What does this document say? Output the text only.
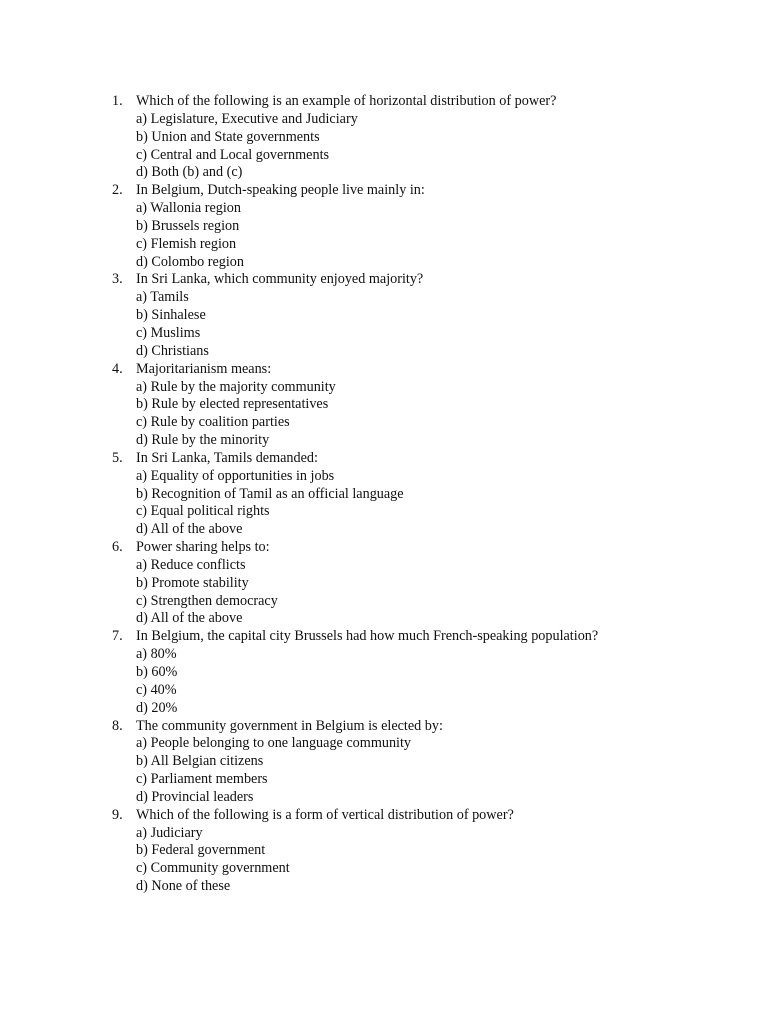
1. Which of the following is an example of horizontal distribution of power?
a) Legislature, Executive and Judiciary
b) Union and State governments
c) Central and Local governments
d) Both (b) and (c)
2. In Belgium, Dutch-speaking people live mainly in:
a) Wallonia region
b) Brussels region
c) Flemish region
d) Colombo region
3. In Sri Lanka, which community enjoyed majority?
a) Tamils
b) Sinhalese
c) Muslims
d) Christians
4. Majoritarianism means:
a) Rule by the majority community
b) Rule by elected representatives
c) Rule by coalition parties
d) Rule by the minority
5. In Sri Lanka, Tamils demanded:
a) Equality of opportunities in jobs
b) Recognition of Tamil as an official language
c) Equal political rights
d) All of the above
6. Power sharing helps to:
a) Reduce conflicts
b) Promote stability
c) Strengthen democracy
d) All of the above
7. In Belgium, the capital city Brussels had how much French-speaking population?
a) 80%
b) 60%
c) 40%
d) 20%
8. The community government in Belgium is elected by:
a) People belonging to one language community
b) All Belgian citizens
c) Parliament members
d) Provincial leaders
9. Which of the following is a form of vertical distribution of power?
a) Judiciary
b) Federal government
c) Community government
d) None of these
